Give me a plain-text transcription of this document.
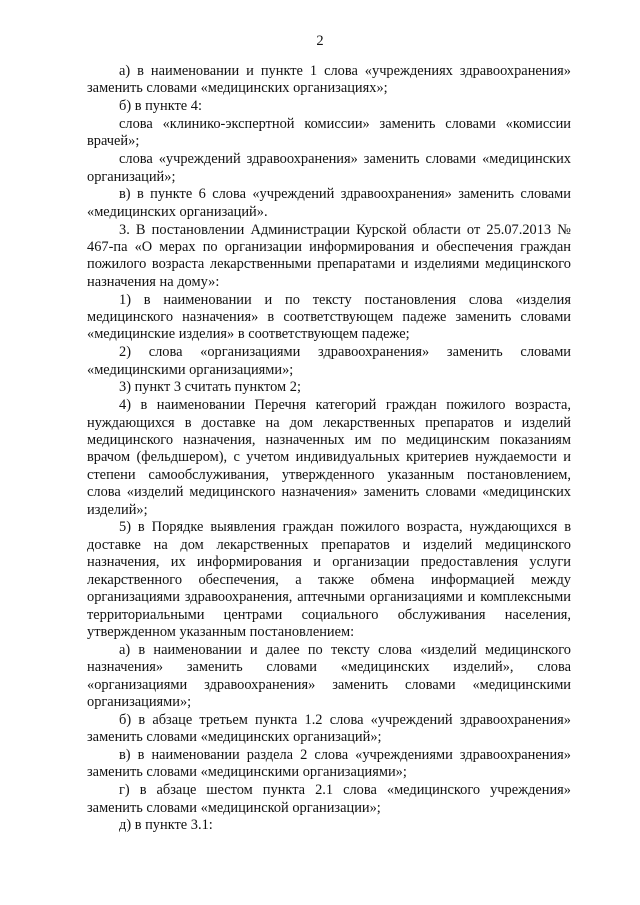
2

а) в наименовании и пункте 1 слова «учреждениях здравоохранения» заменить словами «медицинских организациях»;

б) в пункте 4:

слова «клинико-экспертной комиссии» заменить словами «комиссии врачей»;

слова «учреждений здравоохранения» заменить словами «медицинских организаций»;

в) в пункте 6 слова «учреждений здравоохранения» заменить словами «медицинских организаций».

3. В постановлении Администрации Курской области от 25.07.2013 № 467-па «О мерах по организации информирования и обеспечения граждан пожилого возраста лекарственными препаратами и изделиями медицинского назначения на дому»:

1) в наименовании и по тексту постановления слова «изделия медицинского назначения» в соответствующем падеже заменить словами «медицинские изделия» в соответствующем падеже;

2) слова «организациями здравоохранения» заменить словами «медицинскими организациями»;

3) пункт 3 считать пунктом 2;

4) в наименовании Перечня категорий граждан пожилого возраста, нуждающихся в доставке на дом лекарственных препаратов и изделий медицинского назначения, назначенных им по медицинским показаниям врачом (фельдшером), с учетом индивидуальных критериев нуждаемости и степени самообслуживания, утвержденного указанным постановлением, слова «изделий медицинского назначения» заменить словами «медицинских изделий»;

5) в Порядке выявления граждан пожилого возраста, нуждающихся в доставке на дом лекарственных препаратов и изделий медицинского назначения, их информирования и организации предоставления услуги лекарственного обеспечения, а также обмена информацией между организациями здравоохранения, аптечными организациями и комплексными территориальными центрами социального обслуживания населения, утвержденном указанным постановлением:

а) в наименовании и далее по тексту слова «изделий медицинского назначения» заменить словами «медицинских изделий», слова «организациями здравоохранения» заменить словами «медицинскими организациями»;

б) в абзаце третьем пункта 1.2 слова «учреждений здравоохранения» заменить словами «медицинских организаций»;

в) в наименовании раздела 2 слова «учреждениями здравоохранения» заменить словами «медицинскими организациями»;

г) в абзаце шестом пункта 2.1 слова «медицинского учреждения» заменить словами «медицинской организации»;

д) в пункте 3.1:
